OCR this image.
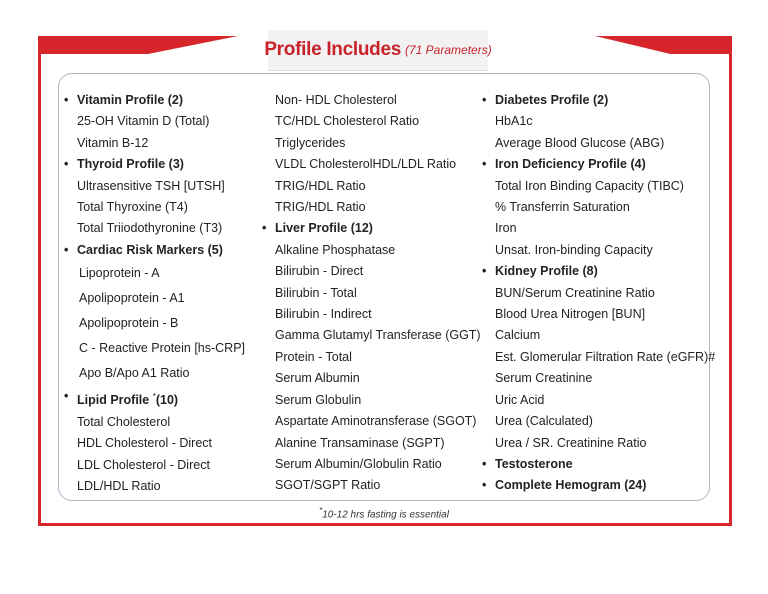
Profile Includes (71 Parameters)
• Vitamin Profile (2)
25-OH Vitamin D (Total)
Vitamin B-12
• Thyroid Profile (3)
Ultrasensitive TSH [UTSH]
Total Thyroxine (T4)
Total Triiodothyronine (T3)
• Cardiac Risk Markers (5)
Lipoprotein - A
Apolipoprotein - A1
Apolipoprotein - B
C - Reactive Protein [hs-CRP]
Apo B/Apo A1 Ratio
• Lipid Profile *(10)
Total Cholesterol
HDL Cholesterol - Direct
LDL Cholesterol - Direct
LDL/HDL Ratio
Non- HDL Cholesterol
TC/HDL Cholesterol Ratio
Triglycerides
VLDL CholesterolHDL/LDL Ratio
TRIG/HDL Ratio
TRIG/HDL Ratio
• Liver Profile (12)
Alkaline Phosphatase
Bilirubin - Direct
Bilirubin - Total
Bilirubin - Indirect
Gamma Glutamyl Transferase (GGT)
Protein - Total
Serum Albumin
Serum Globulin
Aspartate Aminotransferase (SGOT)
Alanine Transaminase (SGPT)
Serum Albumin/Globulin Ratio
SGOT/SGPT Ratio
• Diabetes Profile (2)
HbA1c
Average Blood Glucose (ABG)
• Iron Deficiency Profile (4)
Total Iron Binding Capacity (TIBC)
% Transferrin Saturation
Iron
Unsat. Iron-binding Capacity
• Kidney Profile (8)
BUN/Serum Creatinine Ratio
Blood Urea Nitrogen [BUN]
Calcium
Est. Glomerular Filtration Rate (eGFR)#
Serum Creatinine
Uric Acid
Urea (Calculated)
Urea / SR. Creatinine Ratio
• Testosterone
• Complete Hemogram (24)
*10-12 hrs fasting is essential
